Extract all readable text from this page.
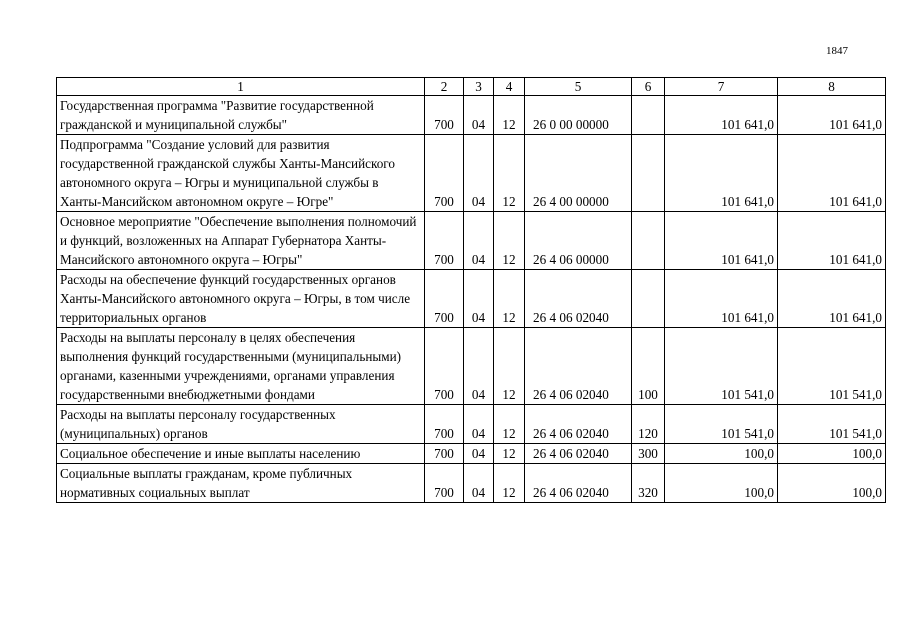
1847
1	2	3	4	5	6	7	8
Государственная программа "Развитие государственной гражданской и муниципальной службы"	700	04	12	26 0 00 00000		101 641,0	101 641,0
Подпрограмма "Создание условий для развития государственной гражданской службы Ханты-Мансийского автономного округа – Югры и муниципальной службы в Ханты-Мансийском автономном округе – Югре"	700	04	12	26 4 00 00000		101 641,0	101 641,0
Основное мероприятие "Обеспечение выполнения полномочий и функций, возложенных на Аппарат Губернатора Ханты-Мансийского автономного округа – Югры"	700	04	12	26 4 06 00000		101 641,0	101 641,0
Расходы на обеспечение функций государственных органов Ханты-Мансийского автономного округа – Югры, в том числе территориальных органов	700	04	12	26 4 06 02040		101 641,0	101 641,0
Расходы на выплаты персоналу в целях обеспечения выполнения функций государственными (муниципальными) органами, казенными учреждениями, органами управления государственными внебюджетными фондами	700	04	12	26 4 06 02040	100	101 541,0	101 541,0
Расходы на выплаты персоналу государственных (муниципальных) органов	700	04	12	26 4 06 02040	120	101 541,0	101 541,0
Социальное обеспечение и иные выплаты населению	700	04	12	26 4 06 02040	300	100,0	100,0
Социальные выплаты гражданам, кроме публичных нормативных социальных выплат	700	04	12	26 4 06 02040	320	100,0	100,0
